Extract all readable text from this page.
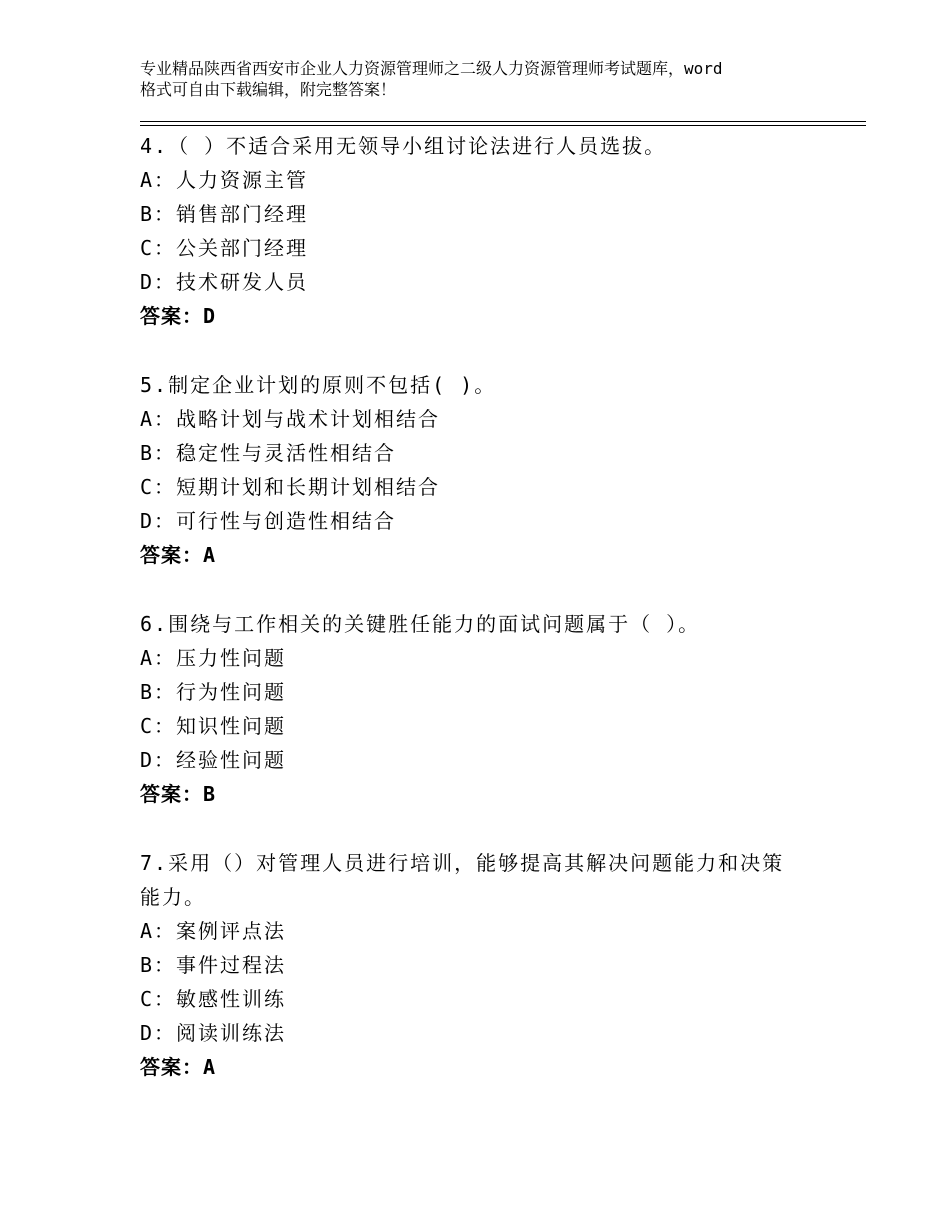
专业精品陕西省西安市企业人力资源管理师之二级人力资源管理师考试题库，word
格式可自由下载编辑，附完整答案！
4.（ ）不适合采用无领导小组讨论法进行人员选拔。
A：人力资源主管
B：销售部门经理
C：公关部门经理
D：技术研发人员
答案：D
5.制定企业计划的原则不包括( )。
A：战略计划与战术计划相结合
B：稳定性与灵活性相结合
C：短期计划和长期计划相结合
D：可行性与创造性相结合
答案：A
6.围绕与工作相关的关键胜任能力的面试问题属于（ ）。
A：压力性问题
B：行为性问题
C：知识性问题
D：经验性问题
答案：B
7.采用（）对管理人员进行培训，能够提高其解决问题能力和决策能力。
A：案例评点法
B：事件过程法
C：敏感性训练
D：阅读训练法
答案：A
